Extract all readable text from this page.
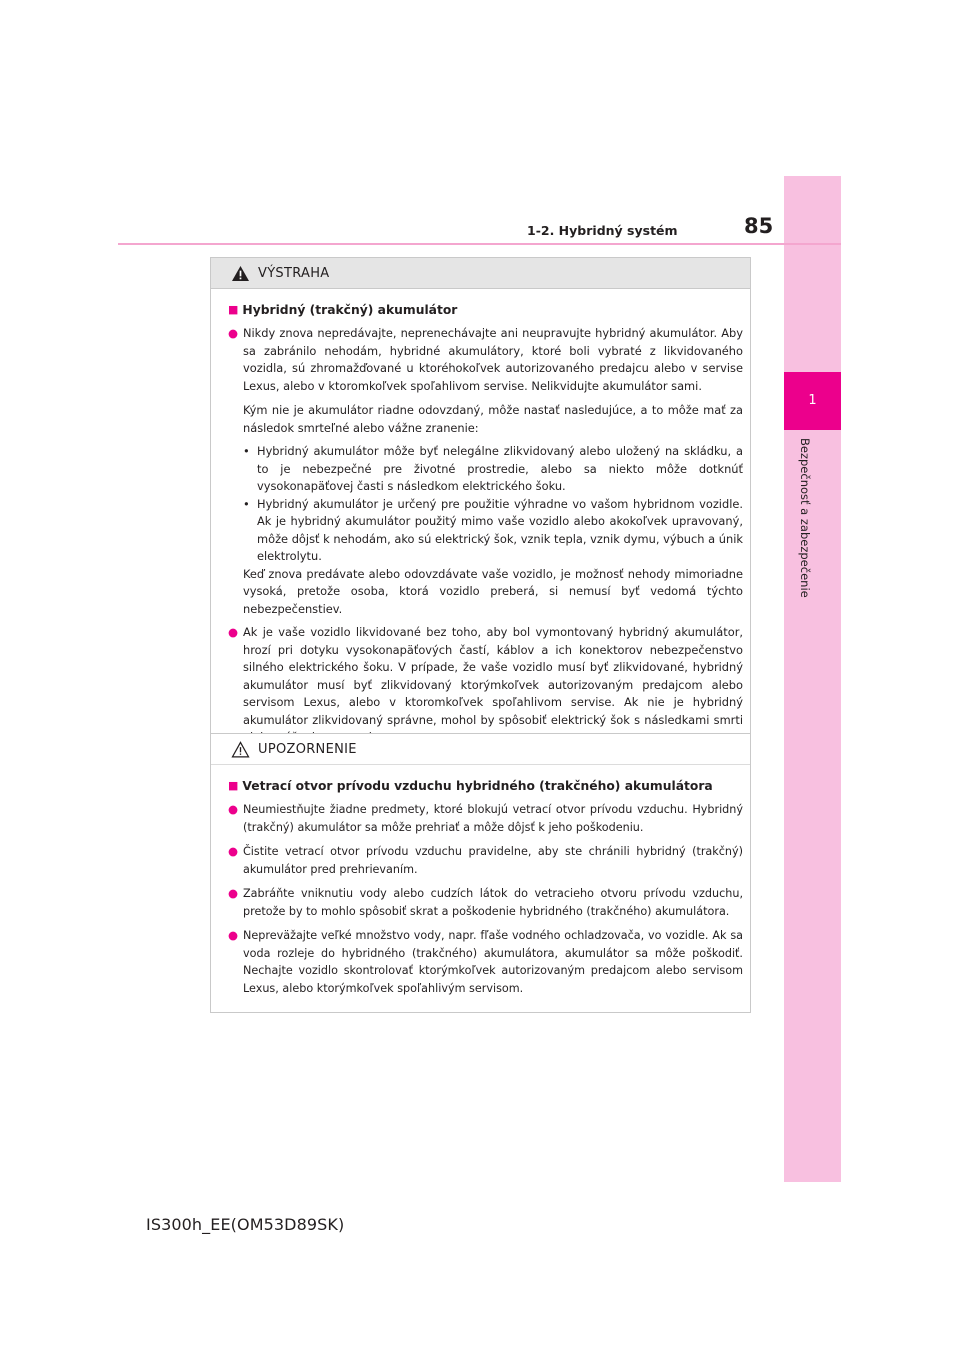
1
Bezpečnosť a zabezpečenie
1-2. Hybridný systém	85
VÝSTRAHA
■ Hybridný (trakčný) akumulátor
● Nikdy znova nepredávajte, neprenechávajte ani neupravujte hybridný akumulátor. Aby sa zabránilo nehodám, hybridné akumulátory, ktoré boli vybraté z likvidovaného vozidla, sú zhromažďované u ktoréhokoľvek autorizovaného predajcu alebo v servise Lexus, alebo v ktoromkoľvek spoľahlivom servise. Nelikvidujte akumulátor sami.

Kým nie je akumulátor riadne odovzdaný, môže nastať nasledujúce, a to môže mať za následok smrteľné alebo vážne zranenie:

• Hybridný akumulátor môže byť nelegálne zlikvidovaný alebo uložený na skládku, a to je nebezpečné pre životné prostredie, alebo sa niekto môže dotknúť vysokonapäťovej časti s následkom elektrického šoku.
• Hybridný akumulátor je určený pre použitie výhradne vo vašom hybridnom vozidle. Ak je hybridný akumulátor použitý mimo vaše vozidlo alebo akokoľvek upravovaný, môže dôjsť k nehodám, ako sú elektrický šok, vznik tepla, vznik dymu, výbuch a únik elektrolytu.

Keď znova predávate alebo odovzdávate vaše vozidlo, je možnosť nehody mimoriadne vysoká, pretože osoba, ktorá vozidlo preberá, si nemusí byť vedomá týchto nebezpečenstiev.

● Ak je vaše vozidlo likvidované bez toho, aby bol vymontovaný hybridný akumulátor, hrozí pri dotyku vysokonapäťových častí, káblov a ich konektorov nebezpečenstvo silného elektrického šoku. V prípade, že vaše vozidlo musí byť zlikvidované, hybridný akumulátor musí byť zlikvidovaný ktorýmkoľvek autorizovaným predajcom alebo servisom Lexus, alebo v ktoromkoľvek spoľahlivom servise. Ak nie je hybridný akumulátor zlikvidovaný správne, mohol by spôsobiť elektrický šok s následkami smrti
UPOZORNENIE
■ Vetrací otvor prívodu vzduchu hybridného (trakčného) akumulátora
● Neumiestňujte žiadne predmety, ktoré blokujú vetrací otvor prívodu vzduchu. Hybridný (trakčný) akumulátor sa môže prehriať a môže dôjsť k jeho poškodeniu.
● Čistite vetrací otvor prívodu vzduchu pravidelne, aby ste chránili hybridný (trakčný) akumulátor pred prehrievaním.
● Zabráňte vniknutiu vody alebo cudzích látok do vetracieho otvoru prívodu vzduchu, pretože by to mohlo spôsobiť skrat a poškodenie hybridného (trakčného) akumulátora.
● Nepreväžajte veľké množstvo vody, napr. fľaše vodného ochladzovača, vo vozidle. Ak sa voda rozleje do hybridného (trakčného) akumulátora, akumulátor sa môže poškodiť. Nechajte vozidlo skontrolovať ktorýmkoľvek autorizovaným predajcom alebo servisom Lexus, alebo ktorýmkoľvek spoľahlivým servisom.
IS300h_EE(OM53D89SK)
